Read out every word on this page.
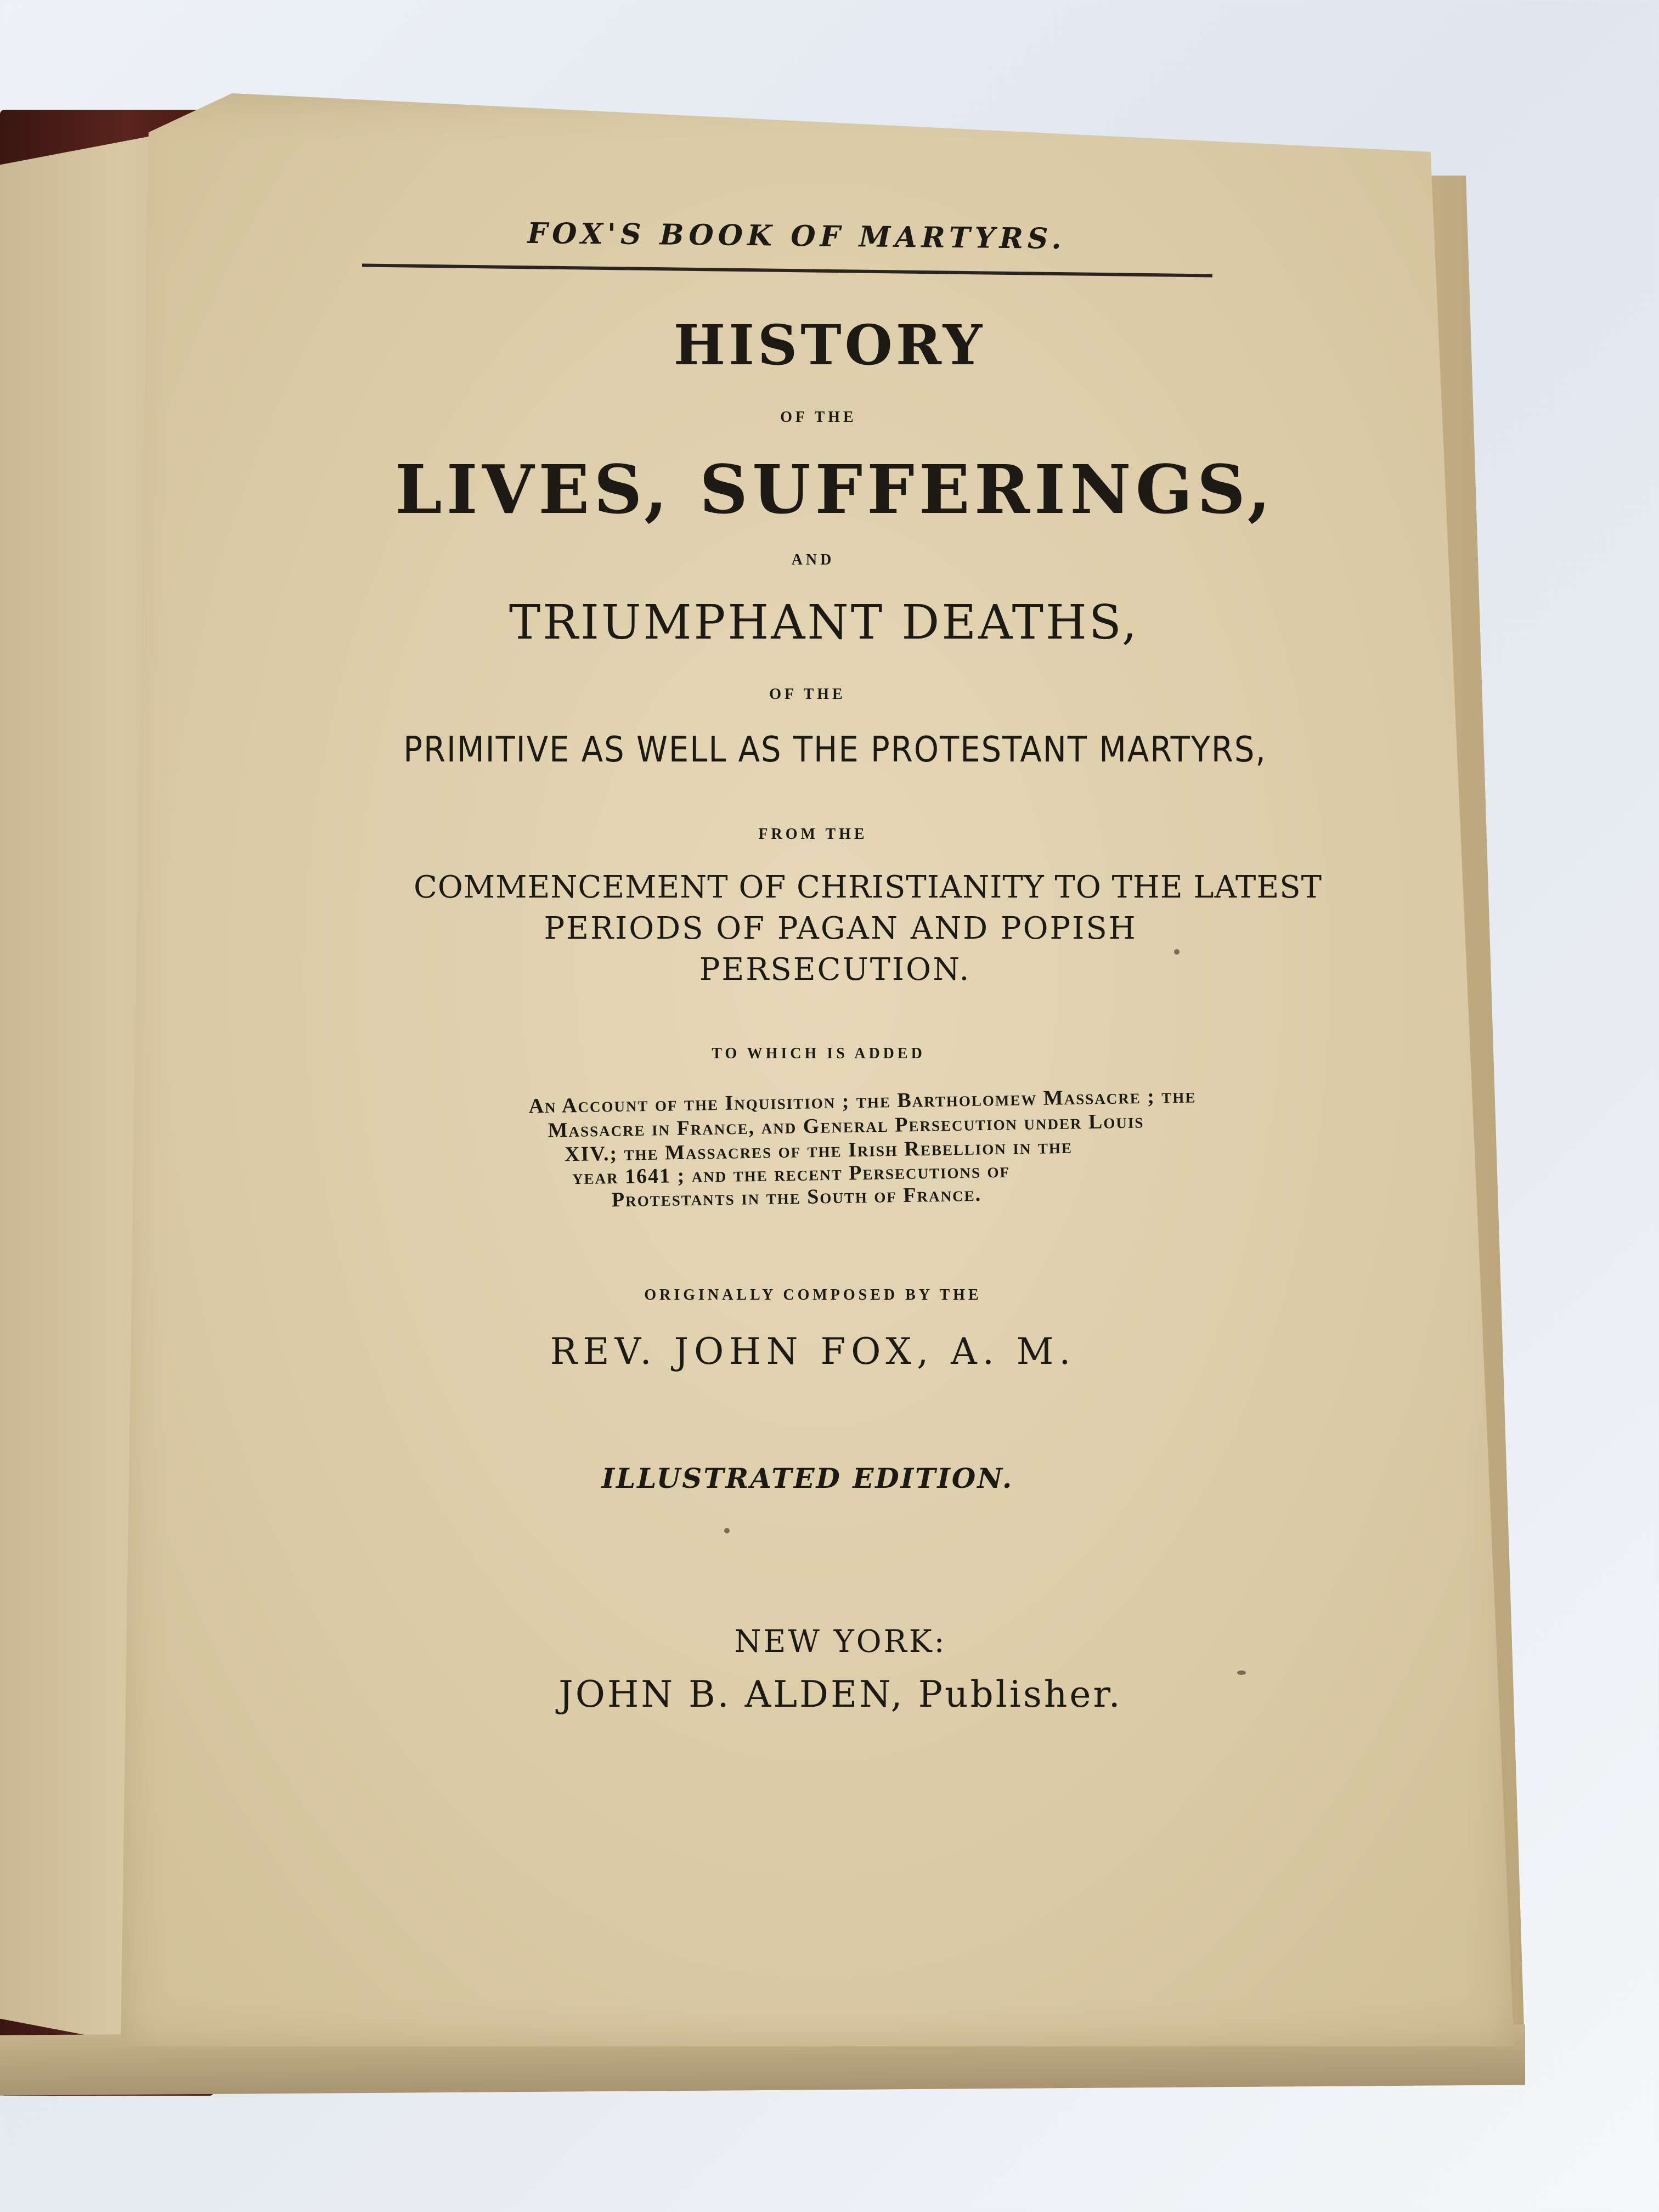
FOX'S BOOK OF MARTYRS.
HISTORY
OF THE
LIVES, SUFFERINGS,
AND
TRIUMPHANT DEATHS,
OF THE
PRIMITIVE AS WELL AS THE PROTESTANT MARTYRS,
FROM THE
COMMENCEMENT OF CHRISTIANITY TO THE LATEST
PERIODS OF PAGAN AND POPISH
PERSECUTION.
TO WHICH IS ADDED
An Account of the Inquisition ; the Bartholomew Massacre ; the
Massacre in France, and General Persecution under Louis
XIV.; the Massacres of the Irish Rebellion in the
year 1641 ; and the recent Persecutions of
Protestants in the South of France.
ORIGINALLY COMPOSED BY THE
REV. JOHN FOX, A. M.
ILLUSTRATED EDITION.
NEW YORK:
JOHN B. ALDEN, Publisher.
